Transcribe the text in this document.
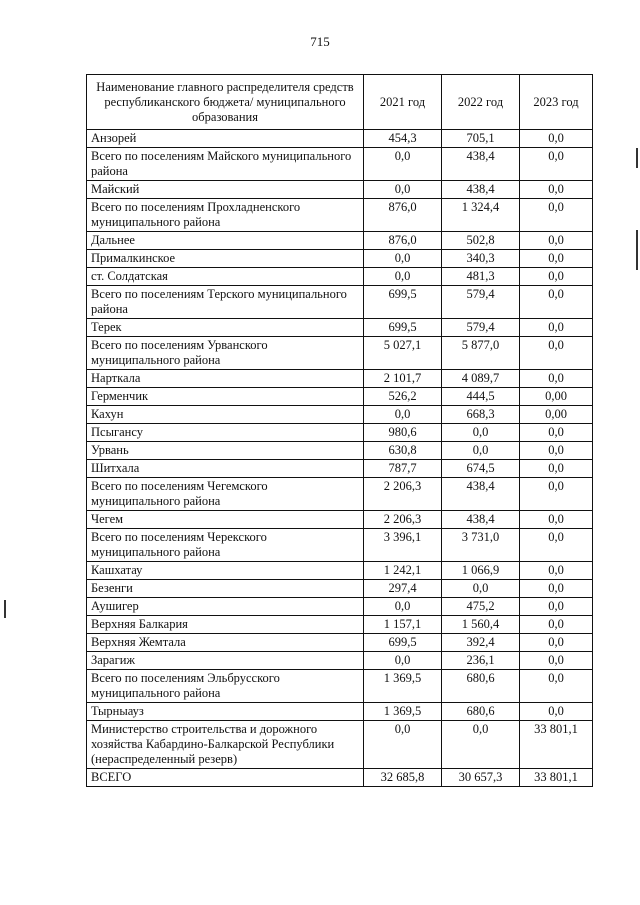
715
Наименование главного распределителя средств республиканского бюджета/ муниципального образования	2021 год	2022 год	2023 год
Анзорей	454,3	705,1	0,0
Всего по поселениям Майского муниципального района	0,0	438,4	0,0
Майский	0,0	438,4	0,0
Всего по поселениям Прохладненского муниципального района	876,0	1 324,4	0,0
Дальнее	876,0	502,8	0,0
Прималкинское	0,0	340,3	0,0
ст. Солдатская	0,0	481,3	0,0
Всего по поселениям Терского муниципального района	699,5	579,4	0,0
Терек	699,5	579,4	0,0
Всего по поселениям Урванского муниципального района	5 027,1	5 877,0	0,0
Нарткала	2 101,7	4 089,7	0,0
Герменчик	526,2	444,5	0,00
Кахун	0,0	668,3	0,00
Псыгансу	980,6	0,0	0,0
Урвань	630,8	0,0	0,0
Шитхала	787,7	674,5	0,0
Всего по поселениям Чегемского муниципального района	2 206,3	438,4	0,0
Чегем	2 206,3	438,4	0,0
Всего по поселениям Черекского муниципального района	3 396,1	3 731,0	0,0
Кашхатау	1 242,1	1 066,9	0,0
Безенги	297,4	0,0	0,0
Аушигер	0,0	475,2	0,0
Верхняя Балкария	1 157,1	1 560,4	0,0
Верхняя Жемтала	699,5	392,4	0,0
Зарагиж	0,0	236,1	0,0
Всего по поселениям Эльбрусского муниципального района	1 369,5	680,6	0,0
Тырныауз	1 369,5	680,6	0,0
Министерство строительства и дорожного хозяйства Кабардино-Балкарской Республики (нераспределенный резерв)	0,0	0,0	33 801,1
ВСЕГО	32 685,8	30 657,3	33 801,1
